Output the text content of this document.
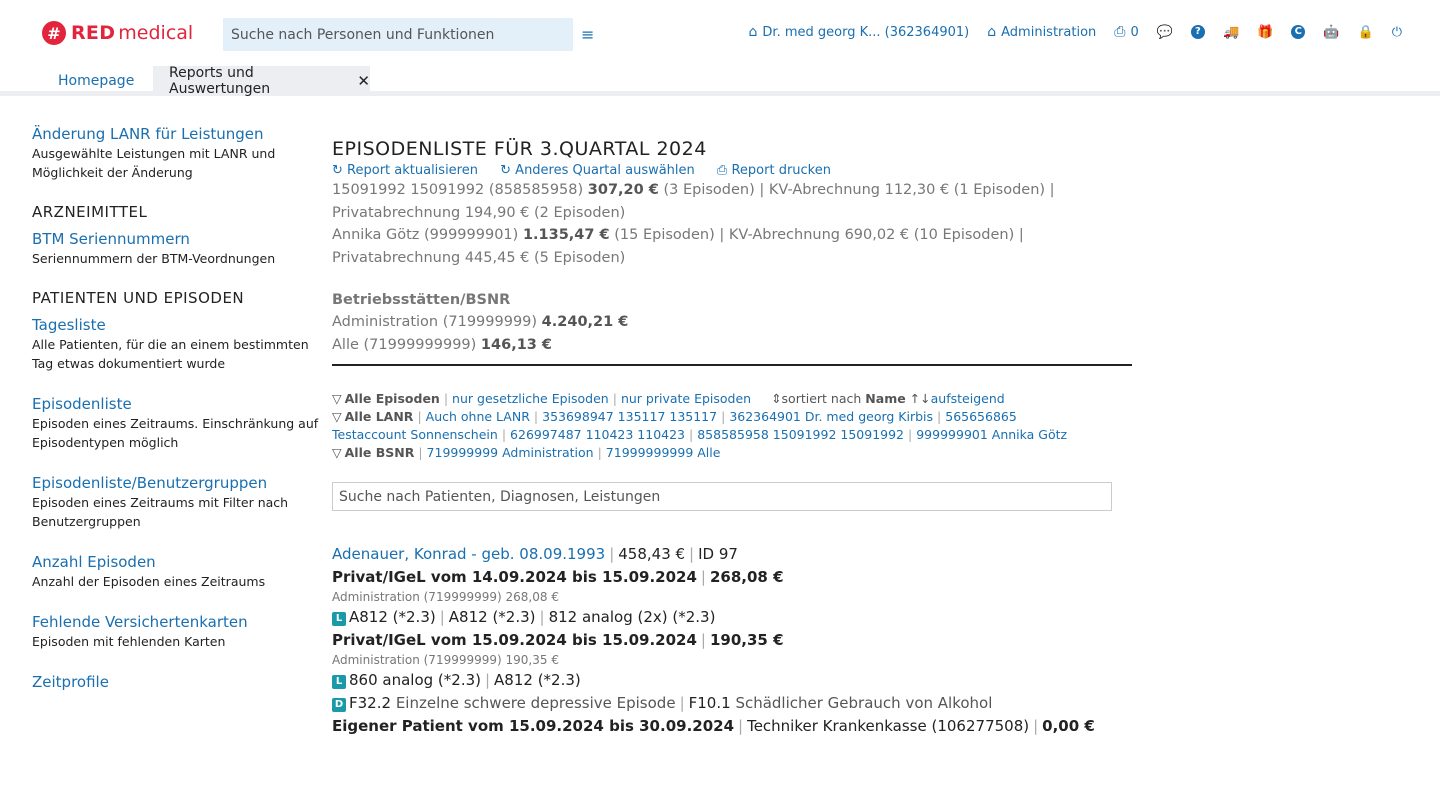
# RED medical
Suche nach Personen und Funktionen	≡	⌂ Dr. med georg K... (362364901) ⌂ Administration ⎙ 0 💬	?	🚚 🎁	C 🤖 🔒 ⏻
Homepage Reports und Auswertungen	✕
Änderung LANR für Leistungen
Ausgewählte Leistungen mit LANR und Möglichkeit der Änderung
ARZNEIMITTEL
BTM Seriennummern
Seriennummern der BTM-Veordnungen
PATIENTEN UND EPISODEN
Tagesliste
Alle Patienten, für die an einem bestimmten Tag etwas dokumentiert wurde
Episodenliste
Episoden eines Zeitraums. Einschränkung auf Episodentypen möglich
Episodenliste/Benutzergruppen
Episoden eines Zeitraums mit Filter nach Benutzergruppen
Anzahl Episoden
Anzahl der Episoden eines Zeitraums
Fehlende Versichertenkarten
Episoden mit fehlenden Karten
Zeitprofile
EPISODENLISTE FÜR 3.QUARTAL 2024
↻ Report aktualisieren ↻ Anderes Quartal auswählen ⎙ Report drucken
15091992 15091992 (858585958) 307,20 € (3 Episoden) | KV-Abrechnung 112,30 € (1 Episoden) | Privatabrechnung 194,90 € (2 Episoden)
Annika Götz (999999901) 1.135,47 € (15 Episoden) | KV-Abrechnung 690,02 € (10 Episoden) | Privatabrechnung 445,45 € (5 Episoden)
Betriebsstätten/BSNR
Administration (719999999) 4.240,21 €
Alle (71999999999) 146,13 €
▽ Alle Episoden | nur gesetzliche Episoden | nur private Episoden ⇕sortiert nach Name ↑↓aufsteigend
▽ Alle LANR | Auch ohne LANR | 353698947 135117 135117 | 362364901 Dr. med georg Kirbis | 565656865 Testaccount Sonnenschein | 626997487 110423 110423 | 858585958 15091992 15091992 | 999999901 Annika Götz
▽ Alle BSNR | 719999999 Administration | 71999999999 Alle
Suche nach Patienten, Diagnosen, Leistungen
Adenauer, Konrad - geb. 08.09.1993 | 458,43 € | ID 97
Privat/IGeL vom 14.09.2024 bis 15.09.2024 | 268,08 €
Administration (719999999) 268,08 €
L A812 (*2.3) | A812 (*2.3) | 812 analog (2x) (*2.3)
Privat/IGeL vom 15.09.2024 bis 15.09.2024 | 190,35 €
Administration (719999999) 190,35 €
L 860 analog (*2.3) | A812 (*2.3)
D F32.2 Einzelne schwere depressive Episode | F10.1 Schädlicher Gebrauch von Alkohol
Eigener Patient vom 15.09.2024 bis 30.09.2024 | Techniker Krankenkasse (106277508) | 0,00 €
